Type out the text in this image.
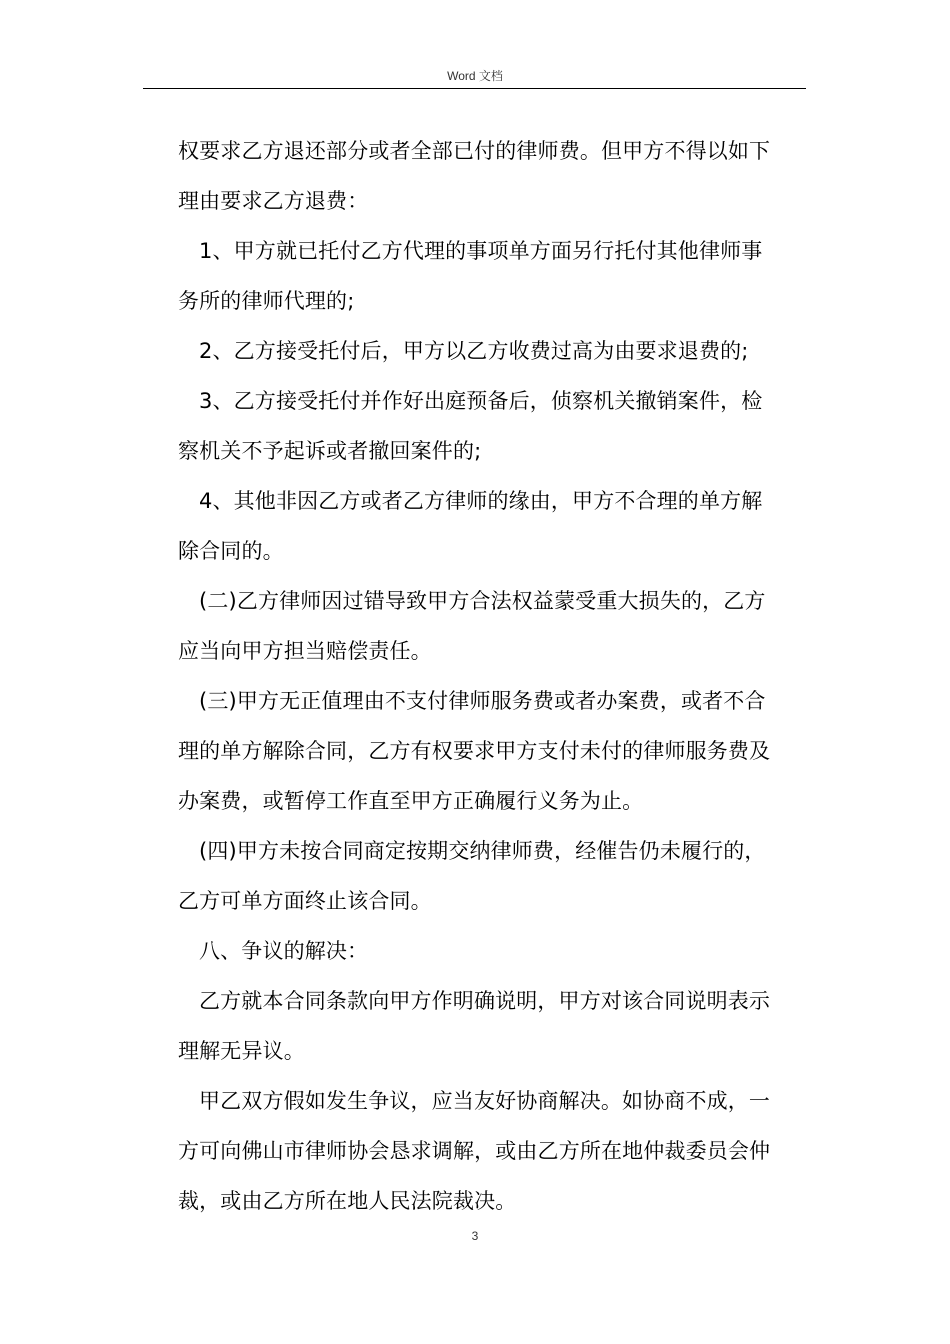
Word 文档
权要求乙方退还部分或者全部已付的律师费。但甲方不得以如下
理由要求乙方退费：
1、甲方就已托付乙方代理的事项单方面另行托付其他律师事
务所的律师代理的;
2、乙方接受托付后，甲方以乙方收费过高为由要求退费的;
3、乙方接受托付并作好出庭预备后，侦察机关撤销案件，检
察机关不予起诉或者撤回案件的;
4、其他非因乙方或者乙方律师的缘由，甲方不合理的单方解
除合同的。
(二)乙方律师因过错导致甲方合法权益蒙受重大损失的，乙方
应当向甲方担当赔偿责任。
(三)甲方无正值理由不支付律师服务费或者办案费，或者不合
理的单方解除合同，乙方有权要求甲方支付未付的律师服务费及
办案费，或暂停工作直至甲方正确履行义务为止。
(四)甲方未按合同商定按期交纳律师费，经催告仍未履行的，
乙方可单方面终止该合同。
八、争议的解决：
乙方就本合同条款向甲方作明确说明，甲方对该合同说明表示
理解无异议。
甲乙双方假如发生争议，应当友好协商解决。如协商不成，一
方可向佛山市律师协会恳求调解，或由乙方所在地仲裁委员会仲
裁，或由乙方所在地人民法院裁决。
3
